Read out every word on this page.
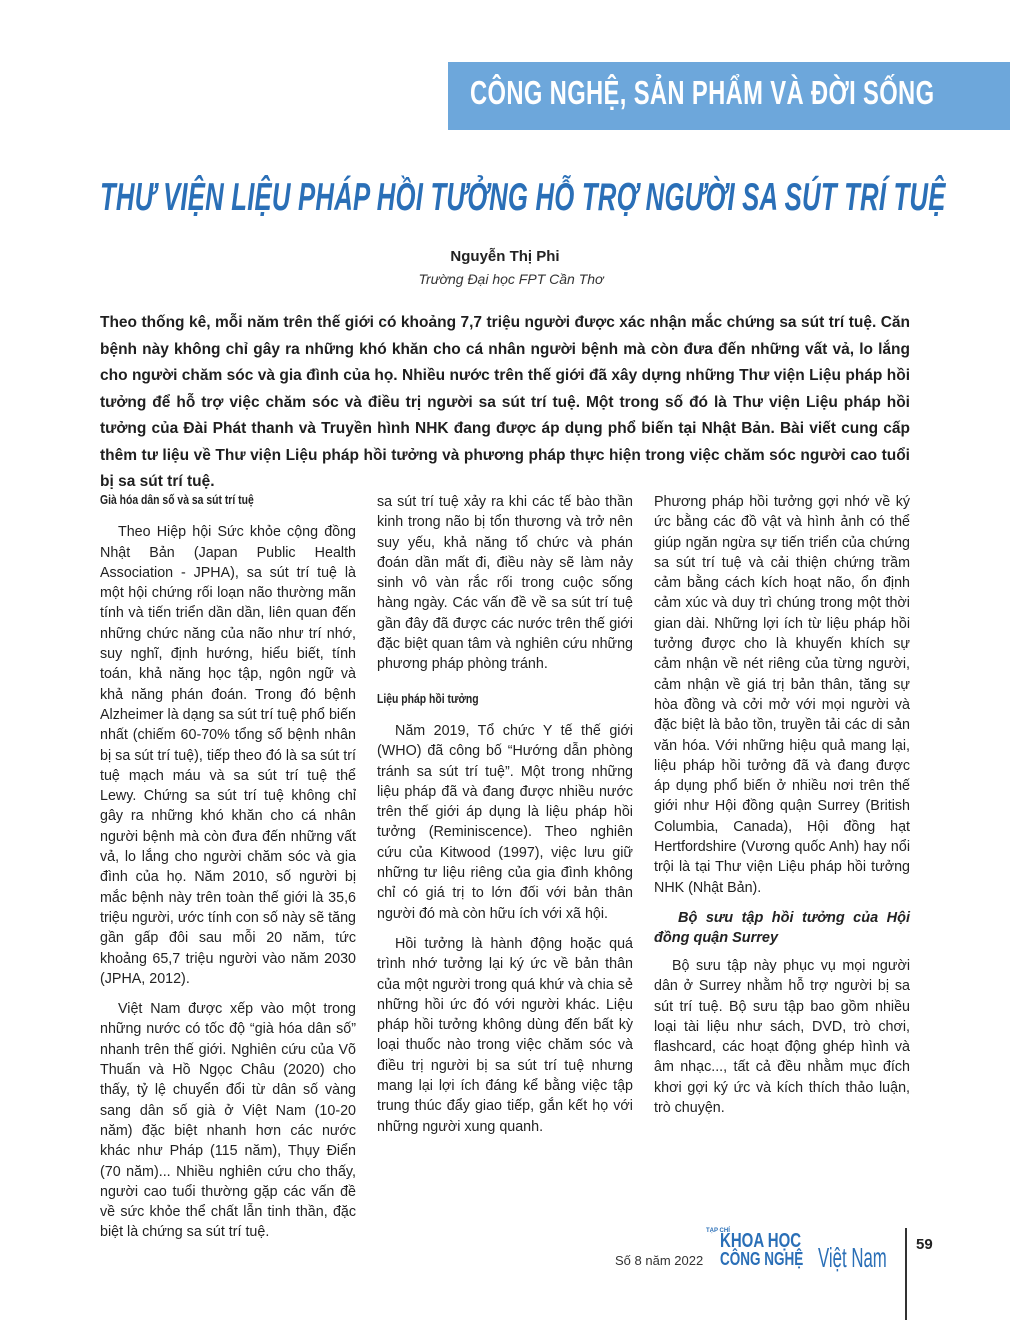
CÔNG NGHỆ, SẢN PHẨM VÀ ĐỜI SỐNG
THƯ VIỆN LIỆU PHÁP HỒI TƯỞNG HỖ TRỢ NGƯỜI SA SÚT TRÍ TUỆ
Nguyễn Thị Phi
Trường Đại học FPT Cần Thơ
Theo thống kê, mỗi năm trên thế giới có khoảng 7,7 triệu người được xác nhận mắc chứng sa sút trí tuệ. Căn bệnh này không chỉ gây ra những khó khăn cho cá nhân người bệnh mà còn đưa đến những vất vả, lo lắng cho người chăm sóc và gia đình của họ. Nhiều nước trên thế giới đã xây dựng những Thư viện Liệu pháp hồi tưởng để hỗ trợ việc chăm sóc và điều trị người sa sút trí tuệ. Một trong số đó là Thư viện Liệu pháp hồi tưởng của Đài Phát thanh và Truyền hình NHK đang được áp dụng phổ biến tại Nhật Bản. Bài viết cung cấp thêm tư liệu về Thư viện Liệu pháp hồi tưởng và phương pháp thực hiện trong việc chăm sóc người cao tuổi bị sa sút trí tuệ.
Già hóa dân số và sa sút trí tuệ

Theo Hiệp hội Sức khỏe cộng đồng Nhật Bản (Japan Public Health Association - JPHA), sa sút trí tuệ là một hội chứng rối loạn não thường mãn tính và tiến triển dần dần, liên quan đến những chức năng của não như trí nhớ, suy nghĩ, định hướng, hiểu biết, tính toán, khả năng học tập, ngôn ngữ và khả năng phán đoán. Trong đó bệnh Alzheimer là dạng sa sút trí tuệ phổ biến nhất (chiếm 60-70% tổng số bệnh nhân bị sa sút trí tuệ), tiếp theo đó là sa sút trí tuệ mạch máu và sa sút trí tuệ thể Lewy. Chứng sa sút trí tuệ không chỉ gây ra những khó khăn cho cá nhân người bệnh mà còn đưa đến những vất vả, lo lắng cho người chăm sóc và gia đình của họ. Năm 2010, số người bị mắc bệnh này trên toàn thế giới là 35,6 triệu người, ước tính con số này sẽ tăng gần gấp đôi sau mỗi 20 năm, tức khoảng 65,7 triệu người vào năm 2030 (JPHA, 2012).

Việt Nam được xếp vào một trong những nước có tốc độ “già hóa dân số” nhanh trên thế giới. Nghiên cứu của Võ Thuấn và Hồ Ngọc Châu (2020) cho thấy, tỷ lệ chuyển đổi từ dân số vàng sang dân số già ở Việt Nam (10-20 năm) đặc biệt nhanh hơn các nước khác như Pháp (115 năm), Thụy Điển (70 năm)... Nhiều nghiên cứu cho thấy, người cao tuổi thường gặp các vấn đề về sức khỏe thể chất lẫn tinh thần, đặc biệt là chứng sa sút trí tuệ.

sa sút trí tuệ xảy ra khi các tế bào thần kinh trong não bị tổn thương và trở nên suy yếu, khả năng tổ chức và phán đoán dần mất đi, điều này sẽ làm nảy sinh vô vàn rắc rối trong cuộc sống hàng ngày. Các vấn đề về sa sút trí tuệ gần đây đã được các nước trên thế giới đặc biệt quan tâm và nghiên cứu những phương pháp phòng tránh.

Liệu pháp hồi tưởng

Năm 2019, Tổ chức Y tế thế giới (WHO) đã công bố “Hướng dẫn phòng tránh sa sút trí tuệ”. Một trong những liệu pháp đã và đang được nhiều nước trên thế giới áp dụng là liệu pháp hồi tưởng (Reminiscence). Theo nghiên cứu của Kitwood (1997), việc lưu giữ những tư liệu riêng của gia đình không chỉ có giá trị to lớn đối với bản thân người đó mà còn hữu ích với xã hội.

Hồi tưởng là hành động hoặc quá trình nhớ tưởng lại ký ức về bản thân của một người trong quá khứ và chia sẻ những hồi ức đó với người khác. Liệu pháp hồi tưởng không dùng đến bất kỳ loại thuốc nào trong việc chăm sóc và điều trị người bị sa sút trí tuệ nhưng mang lại lợi ích đáng kể bằng việc tập trung thúc đẩy giao tiếp, gắn kết họ với những người xung quanh.

Phương pháp hồi tưởng gợi nhớ về ký ức bằng các đồ vật và hình ảnh có thể giúp ngăn ngừa sự tiến triển của chứng sa sút trí tuệ và cải thiện chứng trầm cảm bằng cách kích hoạt não, ổn định cảm xúc và duy trì chúng trong một thời gian dài. Những lợi ích từ liệu pháp hồi tưởng được cho là khuyến khích sự cảm nhận về nét riêng của từng người, cảm nhận về giá trị bản thân, tăng sự hòa đồng và cởi mở với mọi người và đặc biệt là bảo tồn, truyền tải các di sản văn hóa. Với những hiệu quả mang lại, liệu pháp hồi tưởng đã và đang được áp dụng phổ biến ở nhiều nơi trên thế giới như Hội đồng quận Surrey (British Columbia, Canada), Hội đồng hạt Hertfordshire (Vương quốc Anh) hay nổi trội là tại Thư viện Liệu pháp hồi tưởng NHK (Nhật Bản).

Bộ sưu tập hồi tưởng của Hội đồng quận Surrey

Bộ sưu tập này phục vụ mọi người dân ở Surrey nhằm hỗ trợ người bị sa sút trí tuệ. Bộ sưu tập bao gồm nhiều loại tài liệu như sách, DVD, trò chơi, flashcard, các hoạt động ghép hình và âm nhạc..., tất cả đều nhằm mục đích khơi gợi ký ức và kích thích thảo luận, trò chuyện.

Số 8 năm 2022
TẠP CHÍ
KHOA HỌC
CÔNG NGHỆ Việt Nam 59
